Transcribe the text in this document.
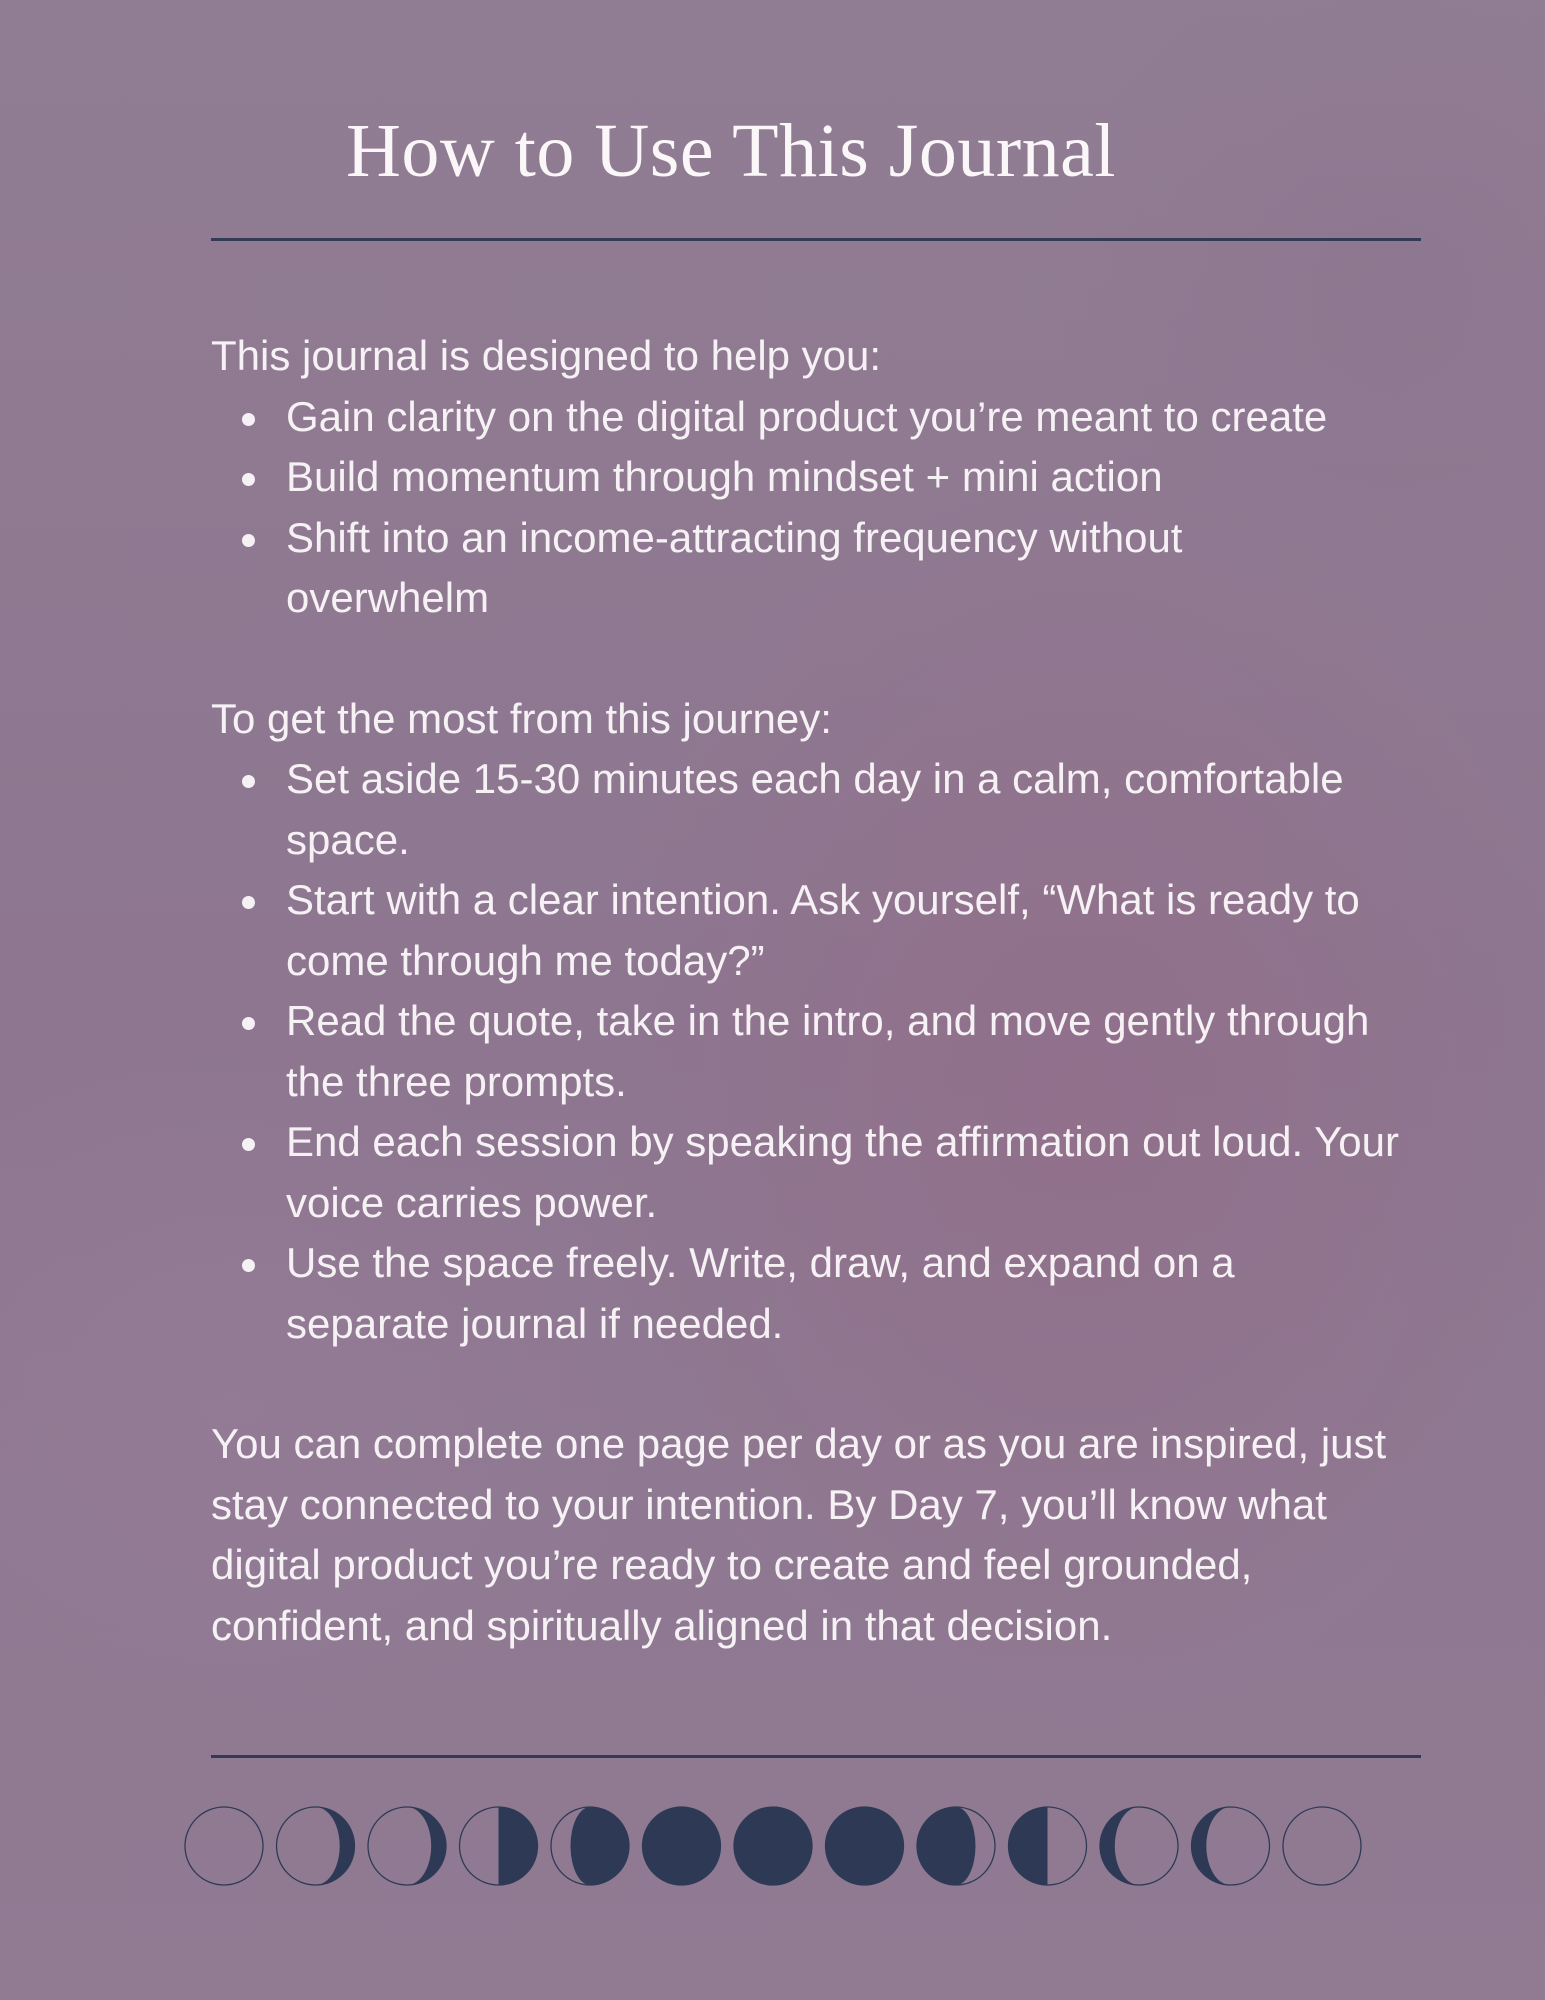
How to Use This Journal

This journal is designed to help you:

Gain clarity on the digital product you’re meant to create
Build momentum through mindset + mini action
Shift into an income-attracting frequency without overwhelm

To get the most from this journey:

Set aside 15-30 minutes each day in a calm, comfortable space.
Start with a clear intention. Ask yourself, “What is ready to come through me today?”
Read the quote, take in the intro, and move gently through the three prompts.
End each session by speaking the affirmation out loud. Your voice carries power.
Use the space freely. Write, draw, and expand on a separate journal if needed.

You can complete one page per day or as you are inspired, just stay connected to your intention. By Day 7, you’ll know what digital product you’re ready to create and feel grounded, confident, and spiritually aligned in that decision.
